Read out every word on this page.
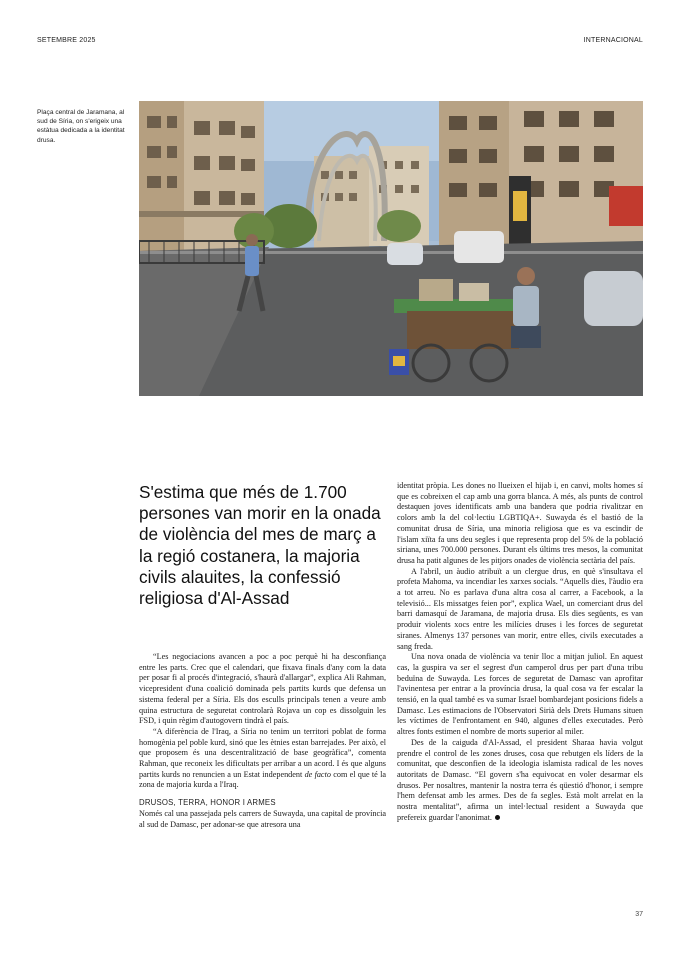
SETEMBRE 2025	INTERNACIONAL
Plaça central de Jaramana, al sud de Síria, on s'erigeix una estàtua dedicada a la identitat drusa.
S'estima que més de 1.700 persones van morir en la onada de violència del mes de març a la regió costanera, la majoria civils alauites, la confessió religiosa d'Al-Assad

“Les negociacions avancen a poc a poc perquè hi ha desconfiança entre les parts. Crec que el calendari, que fixava finals d'any com la data per posar fi al procés d'integració, s'haurà d'allargar”, explica Ali Rahman, vicepresident d'una coalició dominada pels partits kurds que defensa un sistema federal per a Síria. Els dos esculls principals tenen a veure amb quina estructura de seguretat controlarà Rojava un cop es dissolguin les FSD, i quin règim d'autogovern tindrà el país.

“A diferència de l'Iraq, a Síria no tenim un territori poblat de forma homogènia pel poble kurd, sinó que les ètnies estan barrejades. Per això, el que proposem és una descentralització de base geogràfica”, comenta Rahman, que reconeix les dificultats per arribar a un acord. I és que alguns partits kurds no renuncien a un Estat independent de facto com el que té la zona de majoria kurda a l'Iraq.

DRUSOS, TERRA, HONOR I ARMES

Només cal una passejada pels carrers de Suwayda, una capital de província al sud de Damasc, per adonar-se que atresora una

identitat pròpia. Les dones no llueixen el hijab i, en canvi, molts homes sí que es cobreixen el cap amb una gorra blanca. A més, als punts de control destaquen joves identificats amb una bandera que podria rivalitzar en colors amb la del col·lectiu LGBTIQA+. Suwayda és el bastió de la comunitat drusa de Síria, una minoria religiosa que es va escindir de l'islam xiïta fa uns deu segles i que representa prop del 5% de la població siriana, unes 700.000 persones. Durant els últims tres mesos, la comunitat drusa ha patit algunes de les pitjors onades de violència sectària del país.

A l'abril, un àudio atribuït a un clergue drus, en què s'insultava el profeta Mahoma, va incendiar les xarxes socials. “Aquells dies, l'àudio era a tot arreu. No es parlava d'una altra cosa al carrer, a Facebook, a la televisió... Els missatges feien por”, explica Wael, un comerciant drus del barri damasquí de Jaramana, de majoria drusa. Els dies següents, es van produir violents xocs entre les milícies druses i les forces de seguretat siranes. Almenys 137 persones van morir, entre elles, civils executades a sang freda.

Una nova onada de violència va tenir lloc a mitjan juliol. En aquest cas, la guspira va ser el segrest d'un camperol drus per part d'una tribu beduïna de Suwayda. Les forces de seguretat de Damasc van aprofitar l'avinentesa per entrar a la província drusa, la qual cosa va fer escalar la tensió, en la qual també es va sumar Israel bombardejant posicions fidels a Damasc. Les estimacions de l'Observatori Sirià dels Drets Humans situen les víctimes de l'enfrontament en 940, algunes d'elles executades. Però altres fonts estimen el nombre de morts superior al miler.

Des de la caiguda d'Al-Assad, el president Sharaa havia volgut prendre el control de les zones druses, cosa que rebutgen els líders de la comunitat, que desconfien de la ideologia islamista radical de les noves autoritats de Damasc. “El govern s'ha equivocat en voler desarmar els drusos. Per nosaltres, mantenir la nostra terra és qüestió d'honor, i sempre l'hem defensat amb les armes. Des de fa segles. Està molt arrelat en la nostra mentalitat”, afirma un intel·lectual resident a Suwayda que prefereix guardar l'anonimat.

37
